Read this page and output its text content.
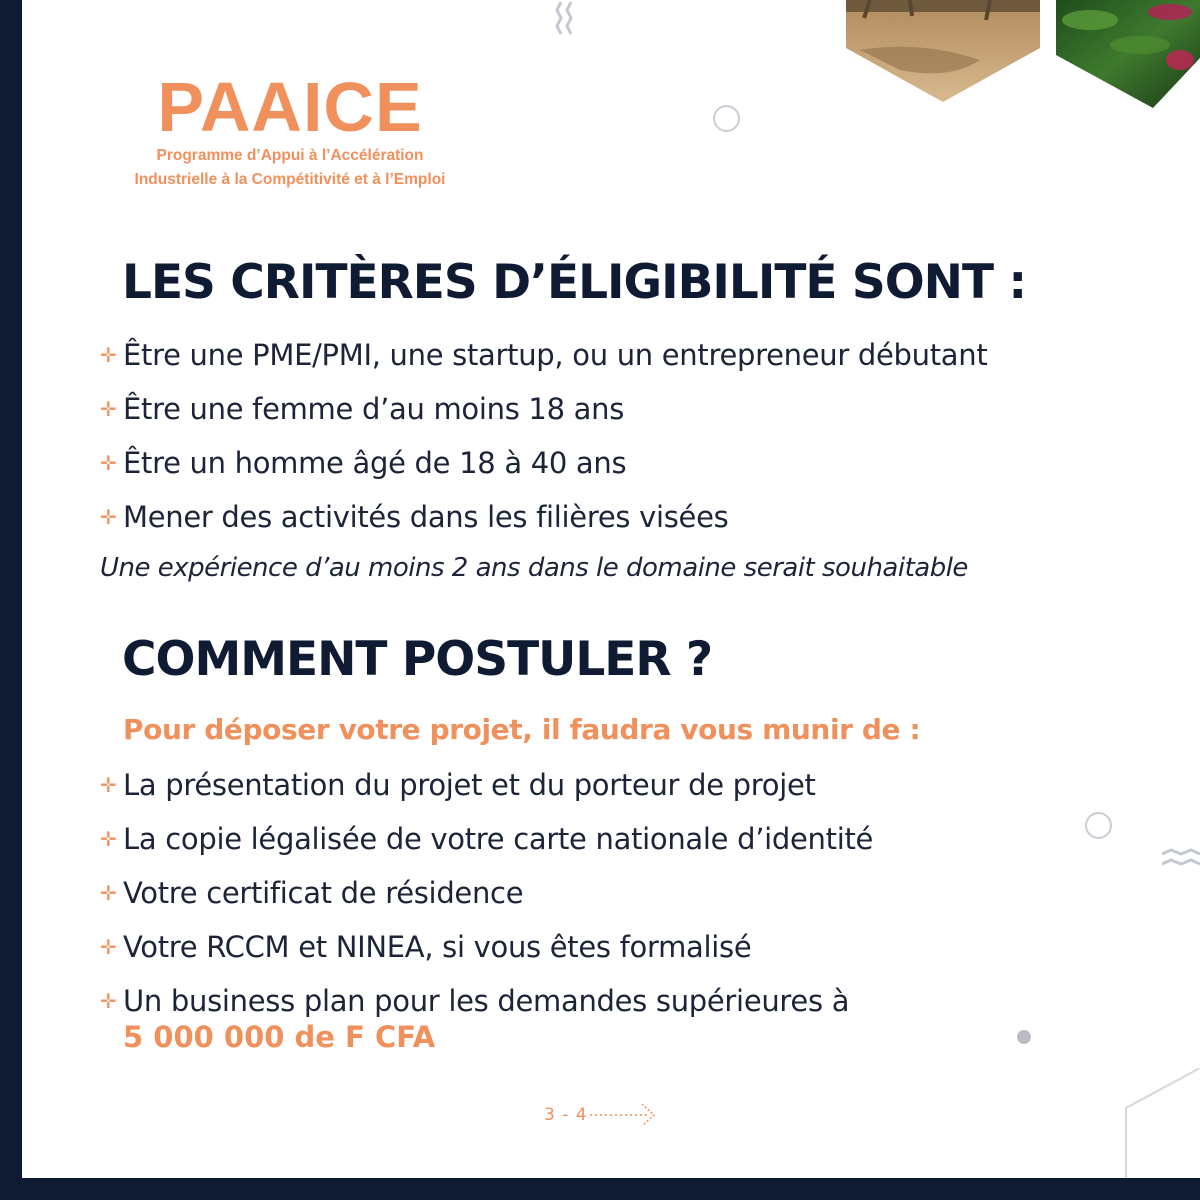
PAAICE
Programme d’Appui à l’Accélération
Industrielle à la Compétitivité et à l’Emploi
LES CRITÈRES D’ÉLIGIBILITÉ SONT :
✛ Être une PME/PMI, une startup, ou un entrepreneur débutant
✛ Être une femme d’au moins 18 ans
✛ Être un homme âgé de 18 à 40 ans
✛ Mener des activités dans les filières visées
Une expérience d’au moins 2 ans dans le domaine serait souhaitable
COMMENT POSTULER ?
Pour déposer votre projet, il faudra vous munir de :
✛ La présentation du projet et du porteur de projet
✛ La copie légalisée de votre carte nationale d’identité
✛ Votre certificat de résidence
✛ Votre RCCM et NINEA, si vous êtes formalisé
✛ Un business plan pour les demandes supérieures à
5 000 000 de F CFA
3 - 4
